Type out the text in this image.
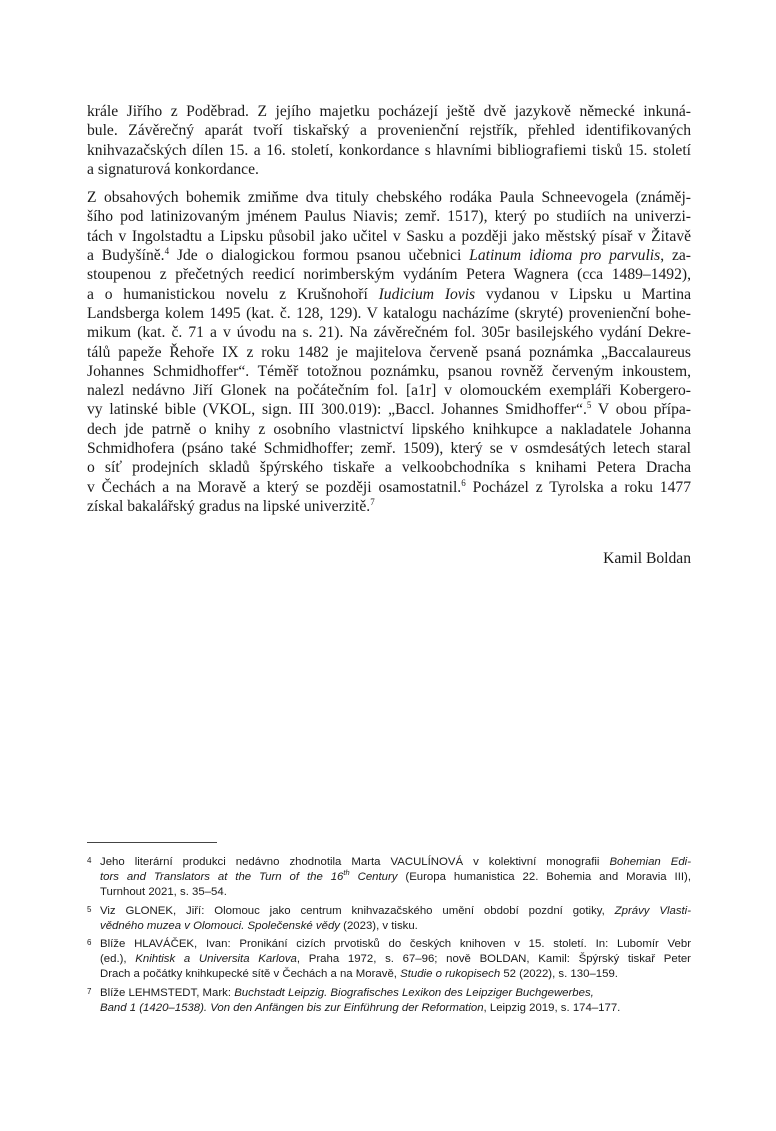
krále Jiřího z Poděbrad. Z jejího majetku pocházejí ještě dvě jazykově německé inkuná-
bule. Závěrečný aparát tvoří tiskařský a provenienční rejstřík, přehled identifikovaných
knihvazačských dílen 15. a 16. století, konkordance s hlavními bibliografiemi tisků 15. století
a signaturová konkordance.

Z obsahových bohemik zmiňme dva tituly chebského rodáka Paula Schneevogela (známěj-
šího pod latinizovaným jménem Paulus Niavis; zemř. 1517), který po studiích na univerzi-
tách v Ingolstadtu a Lipsku působil jako učitel v Sasku a později jako městský písař v Žitavě
a Budyšíně.$^4$ Jde o dialogickou formou psanou učebnici Latinum idioma pro parvulis, za-
stoupenou z přečetných reedicí norimberským vydáním Petera Wagnera (cca 1489–1492),
a o humanistickou novelu z Krušnohoří Iudicium Iovis vydanou v Lipsku u Martina
Landsberga kolem 1495 (kat. č. 128, 129). V katalogu nacházíme (skryté) provenienční bohe-
mikum (kat. č. 71 a v úvodu na s. 21). Na závěrečném fol. 305r basilejského vydání Dekre-
tálů papeže Řehoře IX z roku 1482 je majitelova červeně psaná poznámka „Baccalaureus
Johannes Schmidhoffer“. Téměř totožnou poznámku, psanou rovněž červeným inkoustem,
nalezl nedávno Jiří Glonek na počátečním fol. [a1r] v olomouckém exempláři Kobergero-
vy latinské bible (VKOL, sign. III 300.019): „Baccl. Johannes Smidhoffer“.$^5$ V obou přípa-
dech jde patrně o knihy z osobního vlastnictví lipského knihkupce a nakladatele Johanna
Schmidhofera (psáno také Schmidhoffer; zemř. 1509), který se v osmdesátých letech staral
o síť prodejních skladů špýrského tiskaře a velkoobchodníka s knihami Petera Dracha
v Čechách a na Moravě a který se později osamostatnil.$^6$ Pocházel z Tyrolska a roku 1477
získal bakalářský gradus na lipské univerzitě.$^7$

Kamil Boldan
4 Jeho literární produkci nedávno zhodnotila Marta VACULÍNOVÁ v kolektivní monografii Bohemian Edi-
tors and Translators at the Turn of the 16th Century (Europa humanistica 22. Bohemia and Moravia III),
Turnhout 2021, s. 35–54.
5 Viz GLONEK, Jiří: Olomouc jako centrum knihvazačského umění období pozdní gotiky, Zprávy Vlasti-
vědného muzea v Olomouci. Společenské vědy (2023), v tisku.
6 Blíže HLAVÁČEK, Ivan: Pronikání cizích prvotisků do českých knihoven v 15. století. In: Lubomír Vebr
(ed.), Knihtisk a Universita Karlova, Praha 1972, s. 67–96; nově BOLDAN, Kamil: Špýrský tiskař Peter
Drach a počátky knihkupecké sítě v Čechách a na Moravě, Studie o rukopisech 52 (2022), s. 130–159.
7 Blíže LEHMSTEDT, Mark: Buchstadt Leipzig. Biografisches Lexikon des Leipziger Buchgewerbes,
Band 1 (1420–1538). Von den Anfängen bis zur Einführung der Reformation, Leipzig 2019, s. 174–177.
